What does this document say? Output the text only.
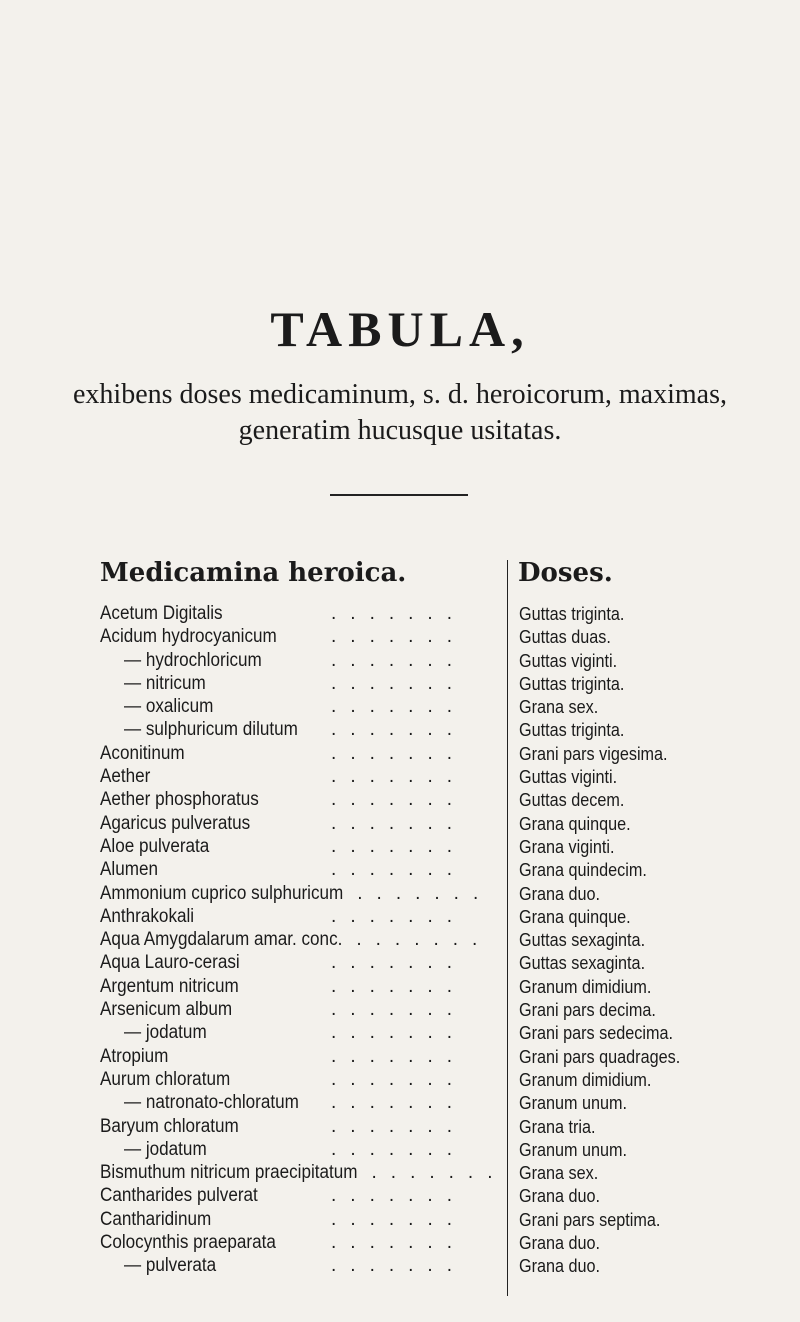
TABULA,
exhibens doses medicaminum, s. d. heroicorum, maximas,
generatim hucusque usitatas.
Medicamina heroica.	Doses.
Acetum Digitalis	.......	Guttas triginta.
Acidum hydrocyanicum	.......	Guttas duas.
— hydrochloricum	.......	Guttas viginti.
— nitricum	.......	Guttas triginta.
— oxalicum	.......	Grana sex.
— sulphuricum dilutum	.......	Guttas triginta.
Aconitinum	.......	Grani pars vigesima.
Aether	.......	Guttas viginti.
Aether phosphoratus	.......	Guttas decem.
Agaricus pulveratus	.......	Grana quinque.
Aloe pulverata	.......	Grana viginti.
Alumen	.......	Grana quindecim.
Ammonium cuprico sulphuricum ....... Grana duo.
Anthrakokali	.......	Grana quinque.
Aqua Amygdalarum amar. conc. ....... Guttas sexaginta.
Aqua Lauro-cerasi	.......	Guttas sexaginta.
Argentum nitricum	.......	Granum dimidium.
Arsenicum album	.......	Grani pars decima.
— jodatum	.......	Grani pars sedecima.
Atropium	.......	Grani pars quadrages.
Aurum chloratum	.......	Granum dimidium.
— natronato-chloratum	.......	Granum unum.
Baryum chloratum	.......	Grana tria.
— jodatum	.......	Granum unum.
Bismuthum nitricum praecipitatum ....... Grana sex.
Cantharides pulverat	.......	Grana duo.
Cantharidinum	.......	Grani pars septima.
Colocynthis praeparata	.......	Grana duo.
— pulverata	.......	Grana duo.
